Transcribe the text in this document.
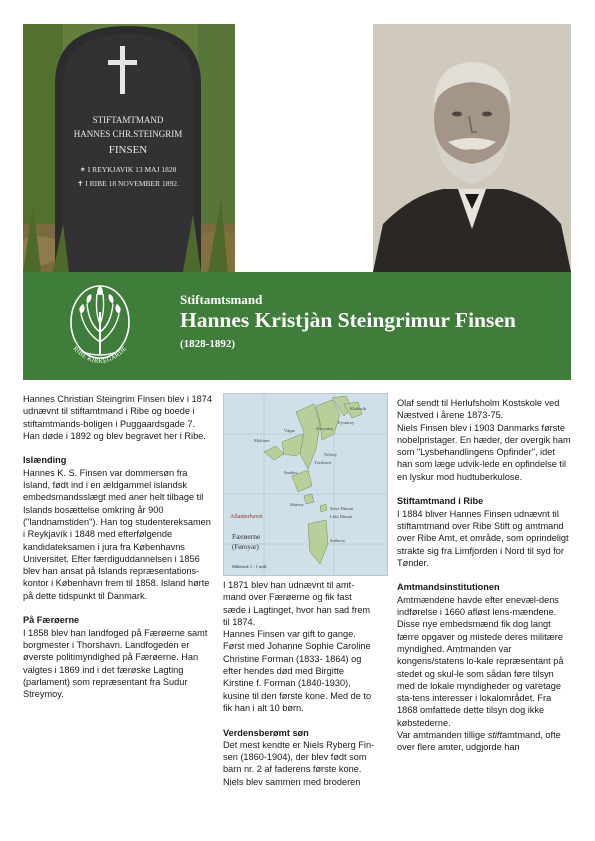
STIFTAMTMAND
HANNES CHR.STEINGRIM
FINSEN
✶ I REYKJAVIK 13 MAJ 1828
✝ I RIBE 18 NOVEMBER 1892.
RIBE KIRKEGÅRDE
Stiftamtsmand
Hannes Kristjàn Steingrimur Finsen
(1828-1892)

Hannes Christian Steingrim Finsen blev i 1874 udnævnt til stiftamtmand i Ribe og boede i stiftamtmands-boligen i Puggaardsgade 7. Han døde i 1892 og blev begravet her i Ribe.

Islænding

Hannes K. S. Finsen var dommersøn fra Island, født ind i en ældgammel islandsk embedsmandsslægt med aner helt tilbage til Islands bosættelse omkring år 900 ("landnamstiden"). Han tog studentereksamen i Reykjavík i 1848 med efterfølgende kandidateksamen i jura fra Københavns Universitet. Efter færdiguddannelsen i 1856 blev han ansat på Islands repræsentations-kontor i København frem til 1858. Island hørte på dette tidspunkt til Danmark.

På Færøerne

I 1858 blev han landfoged på Færøerne samt borgmester i Thorshavn. Landfogeden er øverste politimyndighed på Færøerne. Han valgtes i 1869 ind i det færøske Lagting (parlament) som repræsentant fra Sudur Streymoy.

Mykines
Vágar	Streymoy
Eysturoy
Nólsoy
Sandoy
Skúvoy
Stóra Dímun
Lítla Dímun
Suðuroy
Tórshavn
Klaksvík
Atlanterhavet
Færøerne
(Føroyar)
Målestok 1 : 1 mill.

I 1871 blev han udnævnt til amt-mand over Færøerne og fik fast sæde i Lagtinget, hvor han sad frem til 1874.

Hannes Finsen var gift to gange. Først med Johanne Sophie Caroline Christine Forman (1833- 1864) og efter hendes død med Birgitte Kirstine f. Forman (1840-1930), kusine til den første kone. Med de to fik han i alt 10 børn.

Verdensberømt søn

Det mest kendte er Niels Ryberg Fin-sen (1860-1904), der blev født som barn nr. 2 af faderens første kone. Niels blev sammen med broderen

Olaf sendt til Herlufsholm Kostskole ved Næstved i årene 1873-75.

Niels Finsen blev i 1903 Danmarks første nobelpristager. En hæder, der overgik ham som "Lysbehandlingens Opfinder", idet han som læge udvik-lede en opfindelse til en lyskur mod hudtuberkulose.

Stiftamtmand i Ribe

I 1884 bliver Hannes Finsen udnævnt til stiftamtmand over Ribe Stift og amtmand over Ribe Amt, et område, som oprindeligt strakte sig fra Limfjorden i Nord til syd for Tønder.

Amtmandsinstitutionen

Amtmændene havde efter enevæl-dens indførelse i 1660 afløst lens-mændene. Disse nye embedsmænd fik dog langt færre opgaver og mistede deres militære myndighed. Amtmanden var kongens/statens lo-kale repræsentant på stedet og skul-le som sådan føre tilsyn med de lokale myndigheder og varetage sta-tens interesser i lokalområdet. Fra 1868 omfattede dette tilsyn dog ikke købstederne.

Var amtmanden tillige stiftamtmand, ofte over flere amter, udgjorde han
